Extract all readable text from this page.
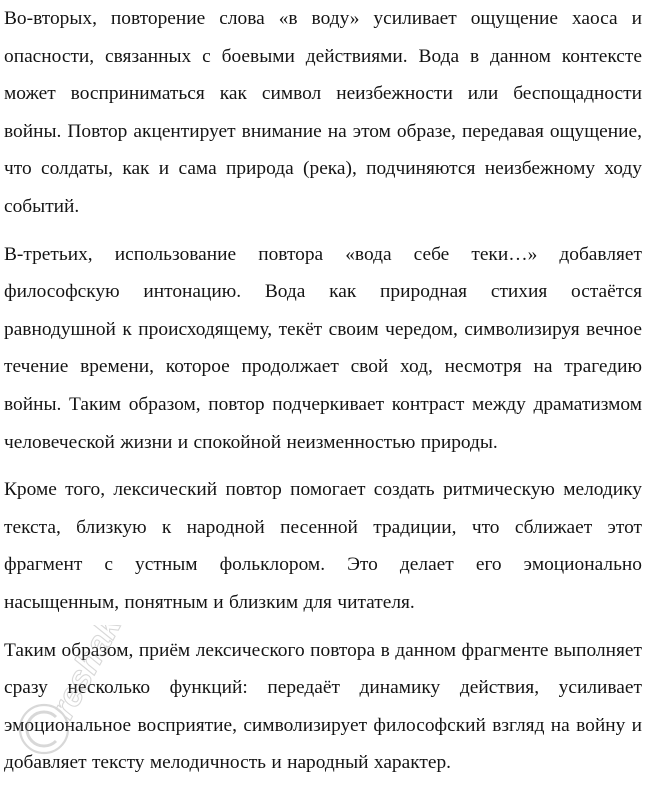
Во-вторых, повторение слова «в воду» усиливает ощущение хаоса и опасности, связанных с боевыми действиями. Вода в данном контексте может восприниматься как символ неизбежности или беспощадности войны. Повтор акцентирует внимание на этом образе, передавая ощущение, что солдаты, как и сама природа (река), подчиняются неизбежному ходу событий.

В-третьих, использование повтора «вода себе теки…» добавляет философскую интонацию. Вода как природная стихия остаётся равнодушной к происходящему, текёт своим чередом, символизируя вечное течение времени, которое продолжает свой ход, несмотря на трагедию войны. Таким образом, повтор подчеркивает контраст между драматизмом человеческой жизни и спокойной неизменностью природы.

Кроме того, лексический повтор помогает создать ритмическую мелодику текста, близкую к народной песенной традиции, что сближает этот фрагмент с устным фольклором. Это делает его эмоционально насыщенным, понятным и близким для читателя.

Таким образом, приём лексического повтора в данном фрагменте выполняет сразу несколько функций: передаёт динамику действия, усиливает эмоциональное восприятие, символизирует философский взгляд на войну и добавляет тексту мелодичность и народный характер.

reshak.ru
